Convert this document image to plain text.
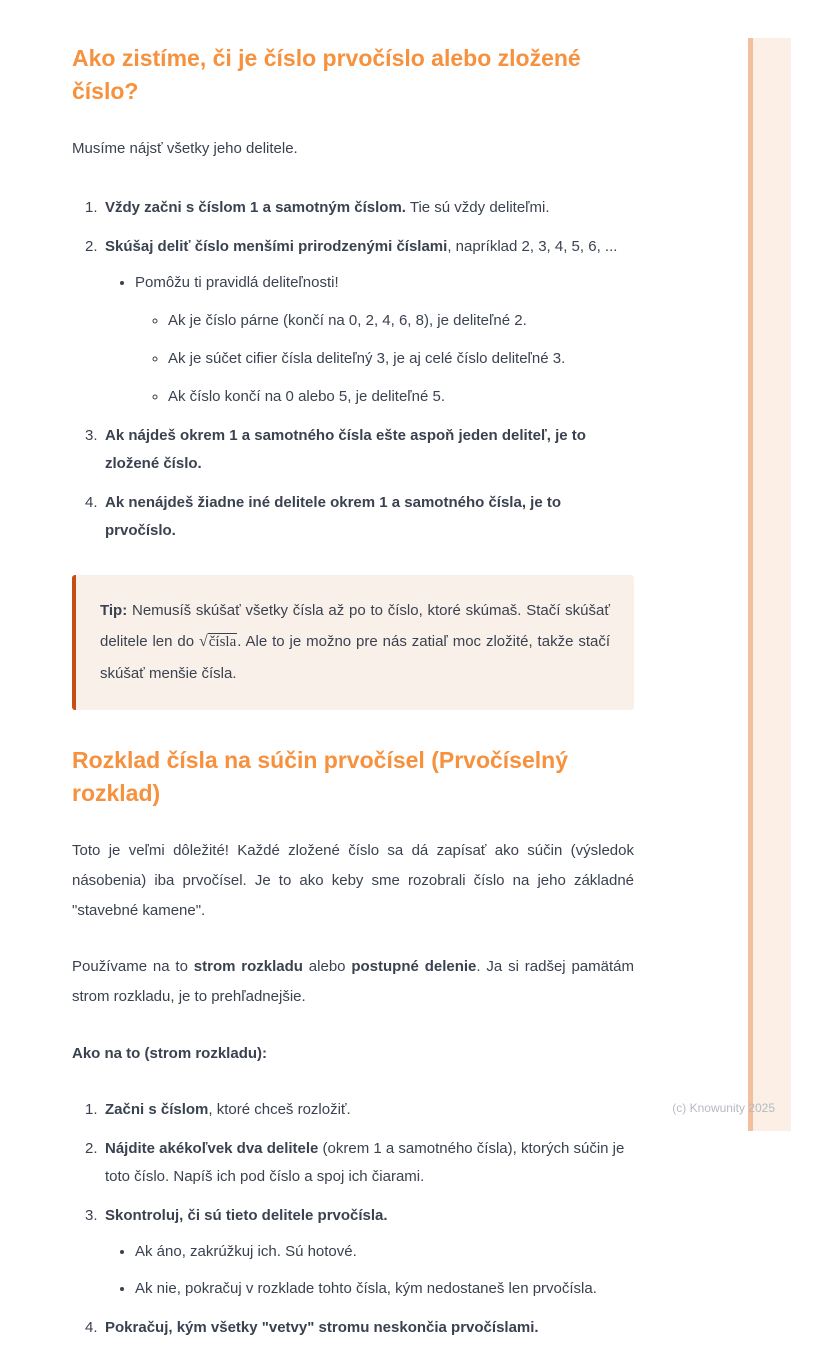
Ako zistíme, či je číslo prvočíslo alebo zložené číslo?

Musíme nájsť všetky jeho delitele.

1. Vždy začni s číslom 1 a samotným číslom. Tie sú vždy deliteľmi.
2. Skúšaj deliť číslo menšími prirodzenými číslami, napríklad 2, 3, 4, 5, 6, ...
• Pomôžu ti pravidlá deliteľnosti!
◦ Ak je číslo párne (končí na 0, 2, 4, 6, 8), je deliteľné 2.
◦ Ak je súčet cifier čísla deliteľný 3, je aj celé číslo deliteľné 3.
◦ Ak číslo končí na 0 alebo 5, je deliteľné 5.
3. Ak nájdeš okrem 1 a samotného čísla ešte aspoň jeden deliteľ, je to zložené číslo.
4. Ak nenájdeš žiadne iné delitele okrem 1 a samotného čísla, je to prvočíslo.
Tip: Nemusíš skúšať všetky čísla až po to číslo, ktoré skúmaš. Stačí skúšať delitele len do √čísla. Ale to je možno pre nás zatiaľ moc zložité, takže stačí skúšať menšie čísla.
Rozklad čísla na súčin prvočísel (Prvočíselný rozklad)

Toto je veľmi dôležité! Každé zložené číslo sa dá zapísať ako súčin (výsledok násobenia) iba prvočísel. Je to ako keby sme rozobrali číslo na jeho základné "stavebné kamene".

Používame na to strom rozkladu alebo postupné delenie. Ja si radšej pamätám strom rozkladu, je to prehľadnejšie.

Ako na to (strom rozkladu):

1. Začni s číslom, ktoré chceš rozložiť.
2. Nájdite akékoľvek dva delitele (okrem 1 a samotného čísla), ktorých súčin je toto číslo. Napíš ich pod číslo a spoj ich čiarami.
3. Skontroluj, či sú tieto delitele prvočísla.
• Ak áno, zakrúžkuj ich. Sú hotové.
• Ak nie, pokračuj v rozklade tohto čísla, kým nedostaneš len prvočísla.
4. Pokračuj, kým všetky "vetvy" stromu neskončia prvočíslami.
(c) Knowunity 2025
